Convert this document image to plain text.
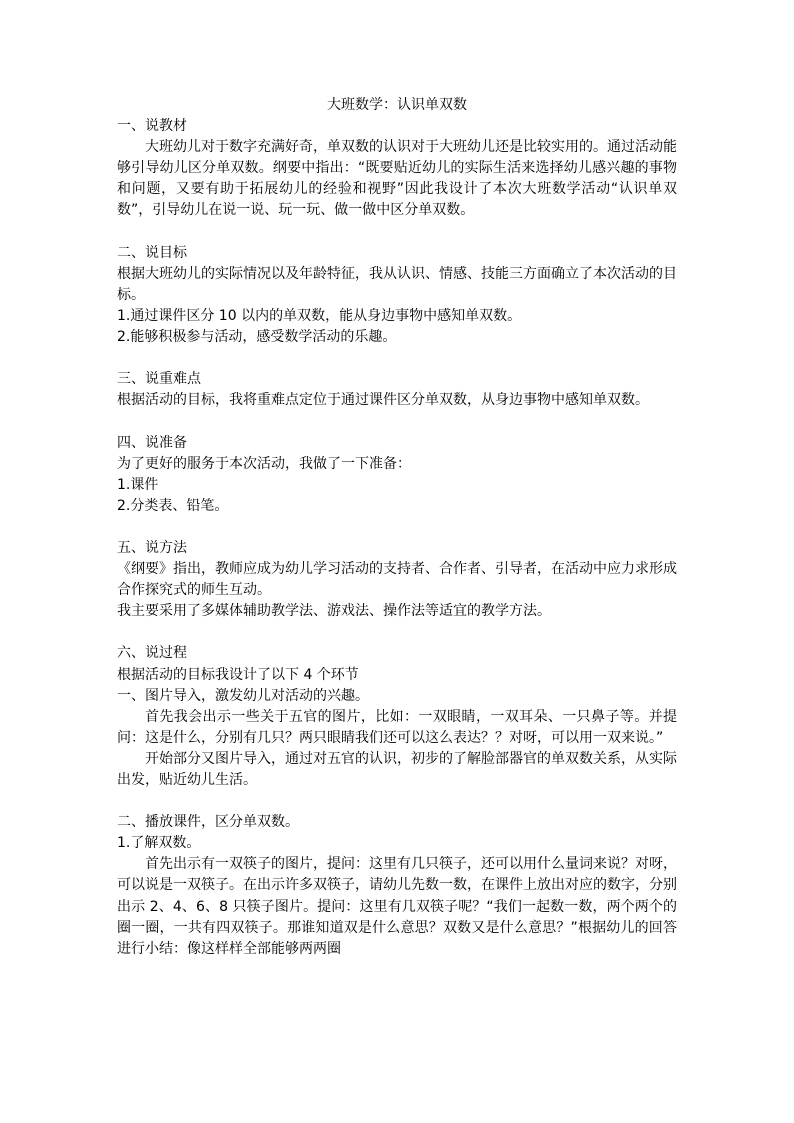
大班数学：认识单双数

一、说教材

大班幼儿对于数字充满好奇，单双数的认识对于大班幼儿还是比较实用的。通过活动能够引导幼儿区分单双数。纲要中指出：“既要贴近幼儿的实际生活来选择幼儿感兴趣的事物和问题，又要有助于拓展幼儿的经验和视野”因此我设计了本次大班数学活动“认识单双数”，引导幼儿在说一说、玩一玩、做一做中区分单双数。

二、说目标

根据大班幼儿的实际情况以及年龄特征，我从认识、情感、技能三方面确立了本次活动的目标。

1.通过课件区分 10 以内的单双数，能从身边事物中感知单双数。

2.能够积极参与活动，感受数学活动的乐趣。

三、说重难点

根据活动的目标，我将重难点定位于通过课件区分单双数，从身边事物中感知单双数。

四、说准备

为了更好的服务于本次活动，我做了一下准备：

1.课件

2.分类表、铅笔。

五、说方法

《纲要》指出，教师应成为幼儿学习活动的支持者、合作者、引导者，在活动中应力求形成合作探究式的师生互动。

我主要采用了多媒体辅助教学法、游戏法、操作法等适宜的教学方法。

六、说过程

根据活动的目标我设计了以下 4 个环节

一、图片导入，激发幼儿对活动的兴趣。

首先我会出示一些关于五官的图片，比如：一双眼睛，一双耳朵、一只鼻子等。并提问：这是什么，分别有几只？两只眼睛我们还可以这么表达？？对呀，可以用一双来说。”

开始部分又图片导入，通过对五官的认识，初步的了解脸部器官的单双数关系，从实际出发，贴近幼儿生活。

二、播放课件，区分单双数。

1.了解双数。

首先出示有一双筷子的图片，提问：这里有几只筷子，还可以用什么量词来说？对呀，可以说是一双筷子。在出示许多双筷子，请幼儿先数一数，在课件上放出对应的数字，分别出示 2、4、6、8 只筷子图片。提问：这里有几双筷子呢？“我们一起数一数，两个两个的圈一圈，一共有四双筷子。那谁知道双是什么意思？双数又是什么意思？”根据幼儿的回答进行小结：像这样样全部能够两两圈
